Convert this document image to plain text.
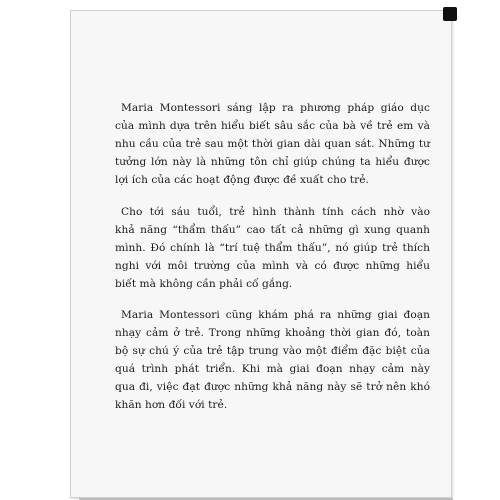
Maria Montessori sáng lập ra phương pháp giáo dục
của mình dựa trên hiểu biết sâu sắc của bà về trẻ em và
nhu cầu của trẻ sau một thời gian dài quan sát. Những tư
tưởng lớn này là những tôn chỉ giúp chúng ta hiểu được
lợi ích của các hoạt động được đề xuất cho trẻ.

Cho tới sáu tuổi, trẻ hình thành tính cách nhờ vào
khả năng “thẩm thấu” cao tất cả những gì xung quanh
mình. Đó chính là “trí tuệ thẩm thấu”, nó giúp trẻ thích
nghi với môi trường của mình và có được những hiểu
biết mà không cần phải cố gắng.

Maria Montessori cũng khám phá ra những giai đoạn
nhạy cảm ở trẻ. Trong những khoảng thời gian đó, toàn
bộ sự chú ý của trẻ tập trung vào một điểm đặc biệt của
quá trình phát triển. Khi mà giai đoạn nhạy cảm này
qua đi, việc đạt được những khả năng này sẽ trở nên khó
khăn hơn đối với trẻ.
